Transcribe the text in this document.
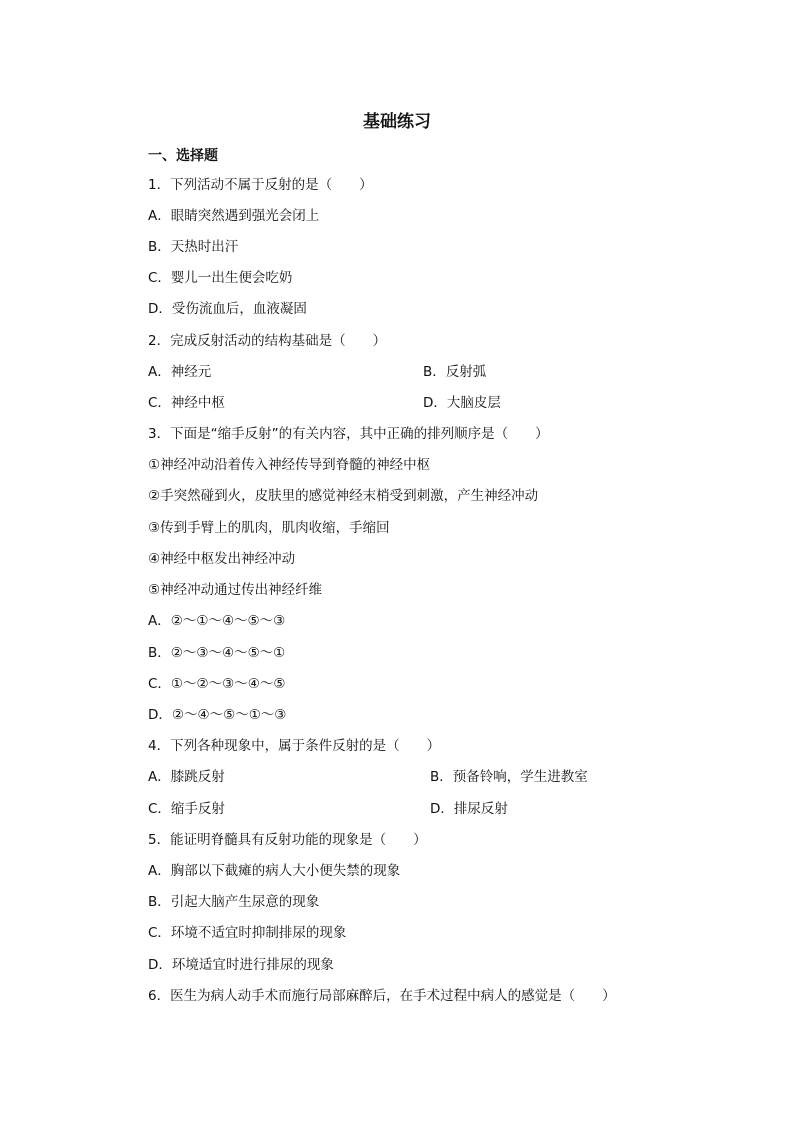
基础练习
一、选择题
1．下列活动不属于反射的是（　　）
A．眼睛突然遇到强光会闭上
B．天热时出汗
C．婴儿一出生便会吃奶
D．受伤流血后，血液凝固
2．完成反射活动的结构基础是（　　）
A．神经元	B．反射弧
C．神经中枢	D．大脑皮层
3．下面是“缩手反射”的有关内容，其中正确的排列顺序是（　　）
①神经冲动沿着传入神经传导到脊髓的神经中枢
②手突然碰到火，皮肤里的感觉神经末梢受到刺激，产生神经冲动
③传到手臂上的肌肉，肌肉收缩，手缩回
④神经中枢发出神经冲动
⑤神经冲动通过传出神经纤维
A．②～①～④～⑤～③
B．②～③～④～⑤～①
C．①～②～③～④～⑤
D．②～④～⑤～①～③
4．下列各种现象中，属于条件反射的是（　　）
A．膝跳反射	B．预备铃响，学生进教室
C．缩手反射	D．排尿反射
5．能证明脊髓具有反射功能的现象是（　　）
A．胸部以下截瘫的病人大小便失禁的现象
B．引起大脑产生尿意的现象
C．环境不适宜时抑制排尿的现象
D．环境适宜时进行排尿的现象
6．医生为病人动手术而施行局部麻醉后，在手术过程中病人的感觉是（　　）
